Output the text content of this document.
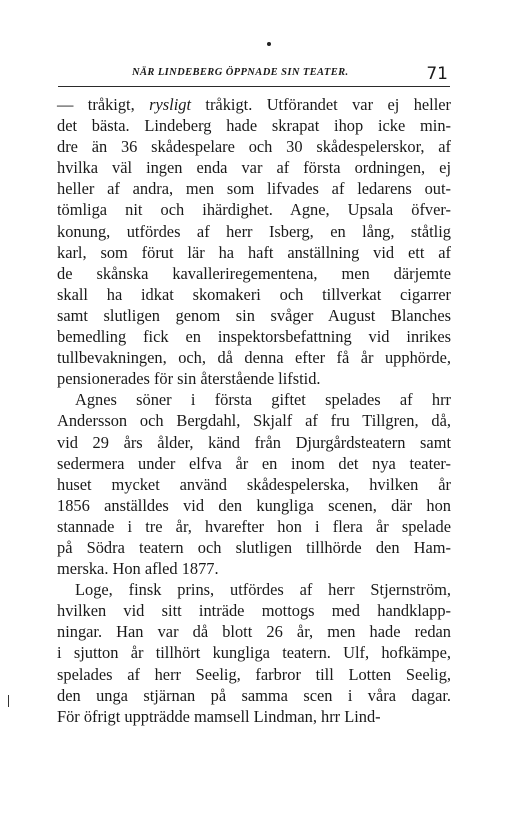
NÄR LINDEBERG ÖPPNADE SIN TEATER.	71
— tråkigt, rysligt tråkigt. Utförandet var ej heller
det bästa. Lindeberg hade skrapat ihop icke min-
dre än 36 skådespelare och 30 skådespelerskor, af
hvilka väl ingen enda var af första ordningen, ej
heller af andra, men som lifvades af ledarens out-
tömliga nit och ihärdighet. Agne, Upsala öfver-
konung, utfördes af herr Isberg, en lång, ståtlig
karl, som förut lär ha haft anställning vid ett af
de skånska kavalleriregementena, men därjemte
skall ha idkat skomakeri och tillverkat cigarrer
samt slutligen genom sin svåger August Blanches
bemedling fick en inspektorsbefattning vid inrikes
tullbevakningen, och, då denna efter få år upphörde,
pensionerades för sin återstående lifstid.
Agnes söner i första giftet spelades af hrr
Andersson och Bergdahl, Skjalf af fru Tillgren, då,
vid 29 års ålder, känd från Djurgårdsteatern samt
sedermera under elfva år en inom det nya teater-
huset mycket använd skådespelerska, hvilken år
1856 anställdes vid den kungliga scenen, där hon
stannade i tre år, hvarefter hon i flera år spelade
på Södra teatern och slutligen tillhörde den Ham-
merska. Hon afled 1877.
Loge, finsk prins, utfördes af herr Stjernström,
hvilken vid sitt inträde mottogs med handklapp-
ningar. Han var då blott 26 år, men hade redan
i sjutton år tillhört kungliga teatern. Ulf, hofkämpe,
spelades af herr Seelig, farbror till Lotten Seelig,
den unga stjärnan på samma scen i våra dagar.
För öfrigt uppträdde mamsell Lindman, hrr Lind-
